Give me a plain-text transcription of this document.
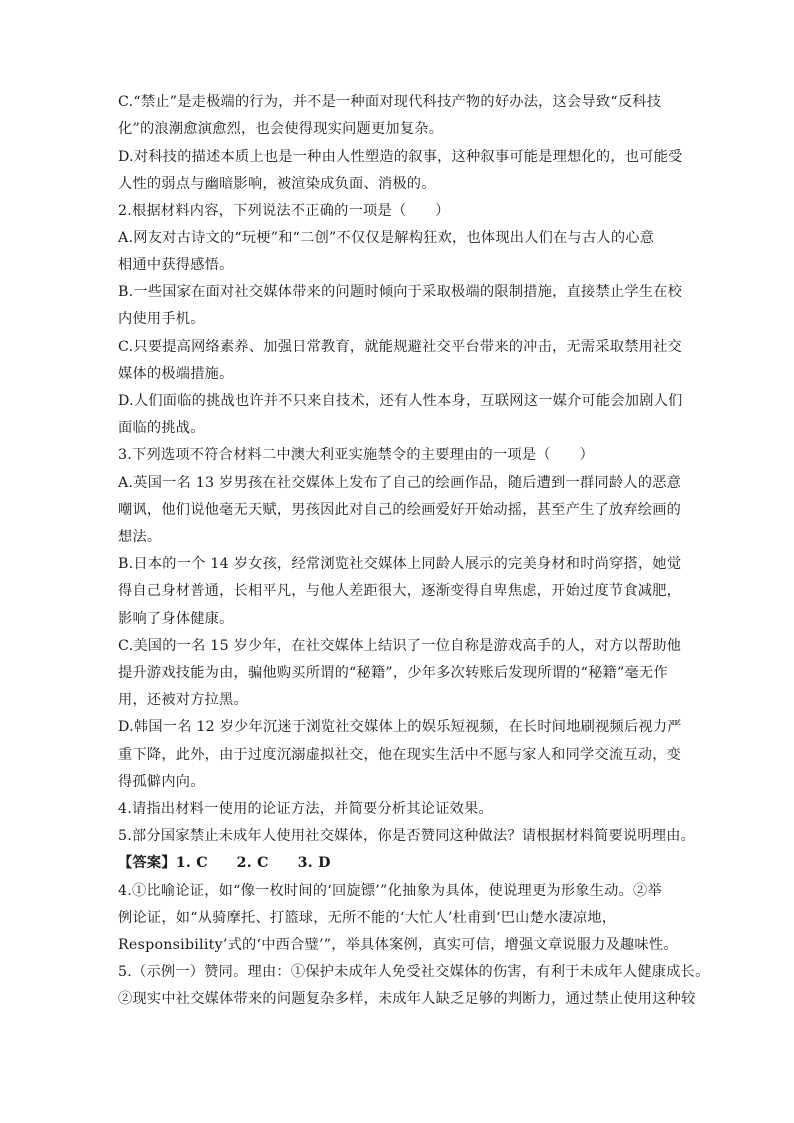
C.“禁止”是走极端的行为，并不是一种面对现代科技产物的好办法，这会导致“反科技

化”的浪潮愈演愈烈，也会使得现实问题更加复杂。

D.对科技的描述本质上也是一种由人性塑造的叙事，这种叙事可能是理想化的，也可能受

人性的弱点与幽暗影响，被渲染成负面、消极的。

2.根据材料内容，下列说法不正确的一项是（　　）

A.网友对古诗文的“玩梗”和“二创”不仅仅是解构狂欢，也体现出人们在与古人的心意

相通中获得感悟。

B.一些国家在面对社交媒体带来的问题时倾向于采取极端的限制措施，直接禁止学生在校

内使用手机。

C.只要提高网络素养、加强日常教育，就能规避社交平台带来的冲击，无需采取禁用社交

媒体的极端措施。

D.人们面临的挑战也许并不只来自技术，还有人性本身，互联网这一媒介可能会加剧人们

面临的挑战。

3.下列选项不符合材料二中澳大利亚实施禁令的主要理由的一项是（　　）

A.英国一名 13 岁男孩在社交媒体上发布了自己的绘画作品，随后遭到一群同龄人的恶意

嘲讽，他们说他毫无天赋，男孩因此对自己的绘画爱好开始动摇，甚至产生了放弃绘画的

想法。

B.日本的一个 14 岁女孩，经常浏览社交媒体上同龄人展示的完美身材和时尚穿搭，她觉

得自己身材普通，长相平凡，与他人差距很大，逐渐变得自卑焦虑，开始过度节食减肥，

影响了身体健康。

C.美国的一名 15 岁少年，在社交媒体上结识了一位自称是游戏高手的人，对方以帮助他

提升游戏技能为由，骗他购买所谓的“秘籍”，少年多次转账后发现所谓的“秘籍”毫无作

用，还被对方拉黑。

D.韩国一名 12 岁少年沉迷于浏览社交媒体上的娱乐短视频，在长时间地刷视频后视力严

重下降，此外，由于过度沉溺虚拟社交，他在现实生活中不愿与家人和同学交流互动，变

得孤僻内向。

4.请指出材料一使用的论证方法，并简要分析其论证效果。

5.部分国家禁止未成年人使用社交媒体，你是否赞同这种做法？请根据材料简要说明理由。

【答案】1. C　　2. C　　3. D

4.①比喻论证，如“像一枚时间的‘回旋镖’”化抽象为具体，使说理更为形象生动。②举

例论证，如“从骑摩托、打篮球，无所不能的‘大忙人’杜甫到‘巴山楚水凄凉地，

Responsibility’式的‘中西合璧’”，举具体案例，真实可信，增强文章说服力及趣味性。

5.（示例一）赞同。理由：①保护未成年人免受社交媒体的伤害，有利于未成年人健康成长。

②现实中社交媒体带来的问题复杂多样，未成年人缺乏足够的判断力，通过禁止使用这种较
